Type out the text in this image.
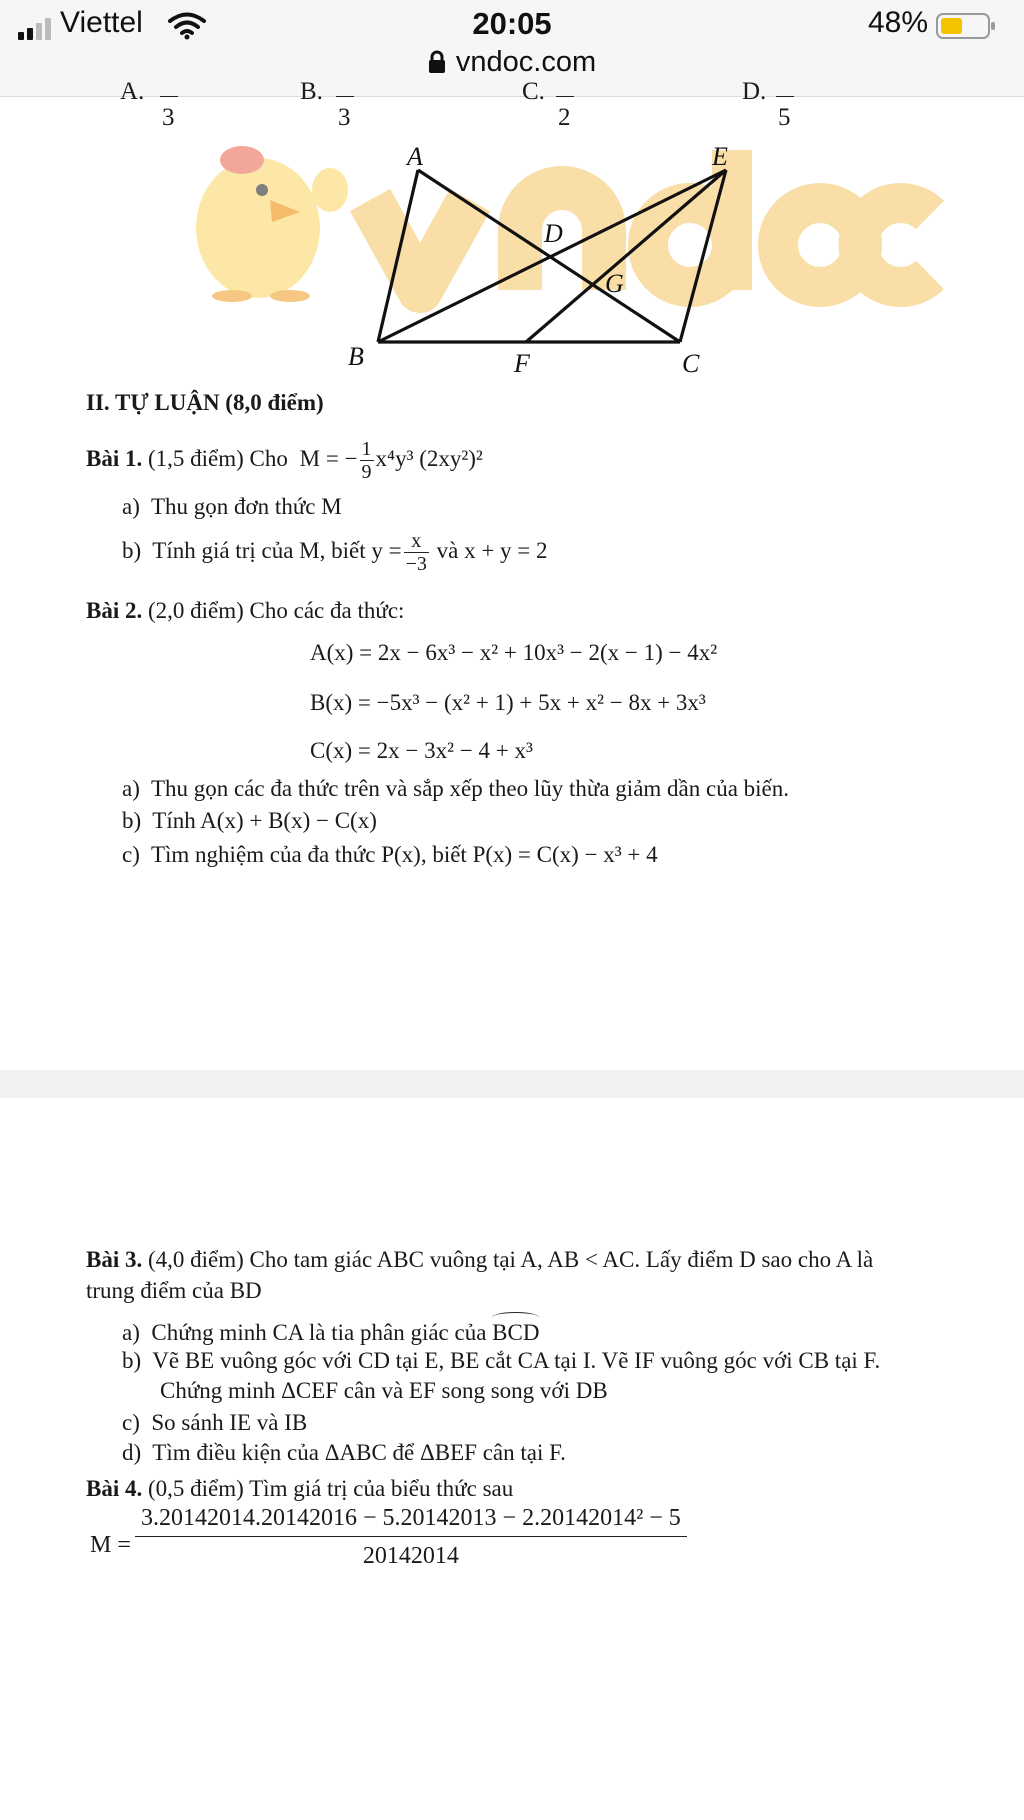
Viettel	20:05	48%
vndoc.com
A.
3
B.
3
C.
2
D.
5
A	E
D
G
B	F	C
II. TỰ LUẬN (8,0 điểm)
Bài 1. (1,5 điểm) Cho M = − $\frac{1}{9} x^4y^3$ (2xy²)²
a) Thu gọn đơn thức M
b) Tính giá trị của M, biết $y = \frac{x}{-3}$ và x + y = 2
Bài 2. (2,0 điểm) Cho các đa thức:
A(x) = 2x − 6x³ − x² + 10x³ − 2(x − 1) − 4x²
B(x) = −5x³ − (x² + 1) + 5x + x² − 8x + 3x³
C(x) = 2x − 3x² − 4 + x³
a) Thu gọn các đa thức trên và sắp xếp theo lũy thừa giảm dần của biến.
b) Tính A(x) + B(x) − C(x)
c) Tìm nghiệm của đa thức P(x), biết P(x) = C(x) − x³ + 4
Bài 3. (4,0 điểm) Cho tam giác ABC vuông tại A, AB < AC. Lấy điểm D sao cho A là
trung điểm của BD
a) Chứng minh CA là tia phân giác của BCD
b) Vẽ BE vuông góc với CD tại E, BE cắt CA tại I. Vẽ IF vuông góc với CB tại F.
Chứng minh ΔCEF cân và EF song song với DB
c) So sánh IE và IB
d) Tìm điều kiện của ΔABC để ΔBEF cân tại F.
Bài 4. (0,5 điểm) Tìm giá trị của biểu thức sau
$M = \frac{\text{3.20142014.20142016 − 5.20142013 − 2.20142014² − 5}}{20142014}$
